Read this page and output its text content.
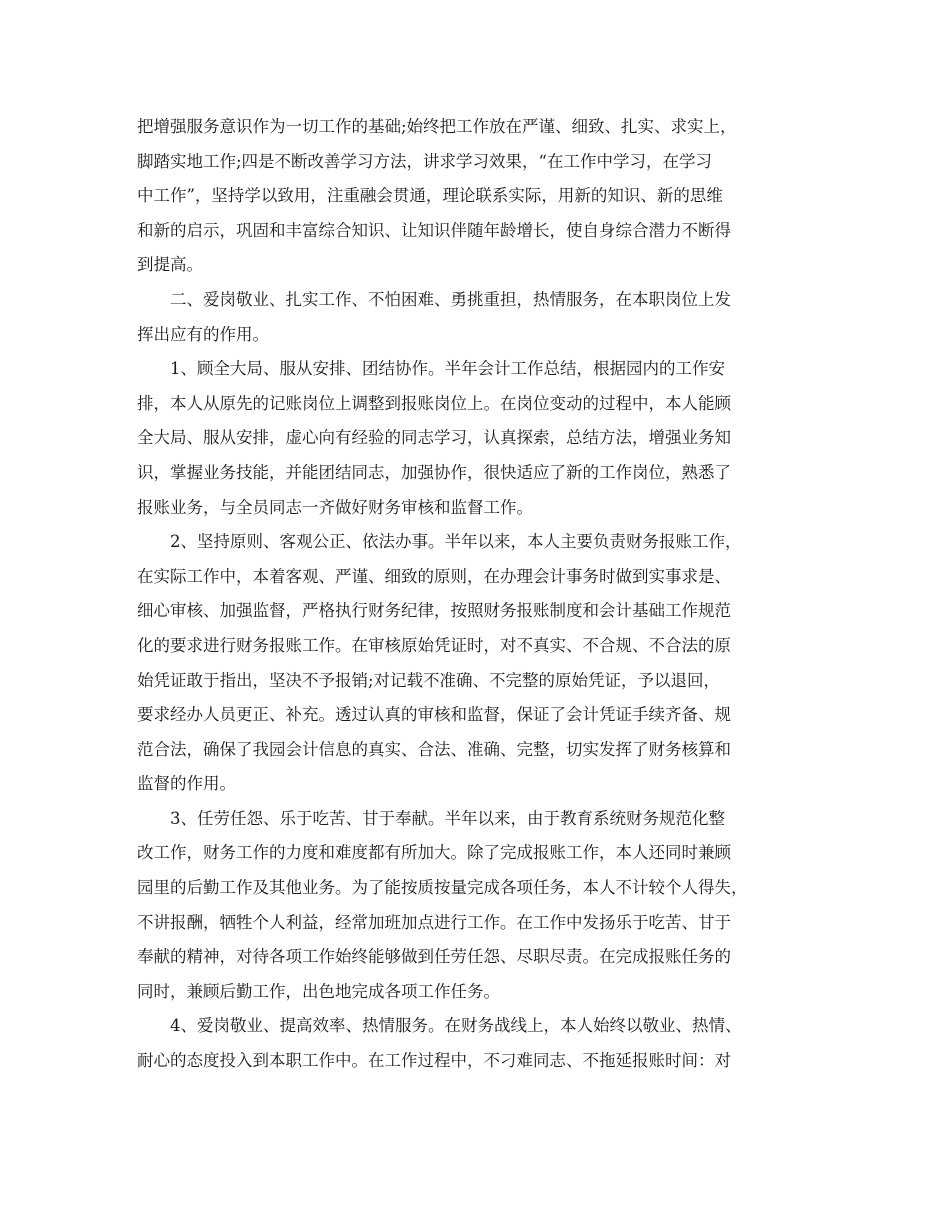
把增强服务意识作为一切工作的基础;始终把工作放在严谨、细致、扎实、求实上，
脚踏实地工作;四是不断改善学习方法，讲求学习效果，“在工作中学习，在学习
中工作”，坚持学以致用，注重融会贯通，理论联系实际，用新的知识、新的思维
和新的启示，巩固和丰富综合知识、让知识伴随年龄增长，使自身综合潜力不断得
到提高。

二、爱岗敬业、扎实工作、不怕困难、勇挑重担，热情服务，在本职岗位上发
挥出应有的作用。

1、顾全大局、服从安排、团结协作。半年会计工作总结，根据园内的工作安
排，本人从原先的记账岗位上调整到报账岗位上。在岗位变动的过程中，本人能顾
全大局、服从安排，虚心向有经验的同志学习，认真探索，总结方法，增强业务知
识，掌握业务技能，并能团结同志，加强协作，很快适应了新的工作岗位，熟悉了
报账业务，与全员同志一齐做好财务审核和监督工作。

2、坚持原则、客观公正、依法办事。半年以来，本人主要负责财务报账工作，
在实际工作中，本着客观、严谨、细致的原则，在办理会计事务时做到实事求是、
细心审核、加强监督，严格执行财务纪律，按照财务报账制度和会计基础工作规范
化的要求进行财务报账工作。在审核原始凭证时，对不真实、不合规、不合法的原
始凭证敢于指出，坚决不予报销;对记载不准确、不完整的原始凭证，予以退回，
要求经办人员更正、补充。透过认真的审核和监督，保证了会计凭证手续齐备、规
范合法，确保了我园会计信息的真实、合法、准确、完整，切实发挥了财务核算和
监督的作用。

3、任劳任怨、乐于吃苦、甘于奉献。半年以来，由于教育系统财务规范化整
改工作，财务工作的力度和难度都有所加大。除了完成报账工作，本人还同时兼顾
园里的后勤工作及其他业务。为了能按质按量完成各项任务，本人不计较个人得失，
不讲报酬，牺牲个人利益，经常加班加点进行工作。在工作中发扬乐于吃苦、甘于
奉献的精神，对待各项工作始终能够做到任劳任怨、尽职尽责。在完成报账任务的
同时，兼顾后勤工作，出色地完成各项工作任务。

4、爱岗敬业、提高效率、热情服务。在财务战线上，本人始终以敬业、热情、
耐心的态度投入到本职工作中。在工作过程中，不刁难同志、不拖延报账时间：对
